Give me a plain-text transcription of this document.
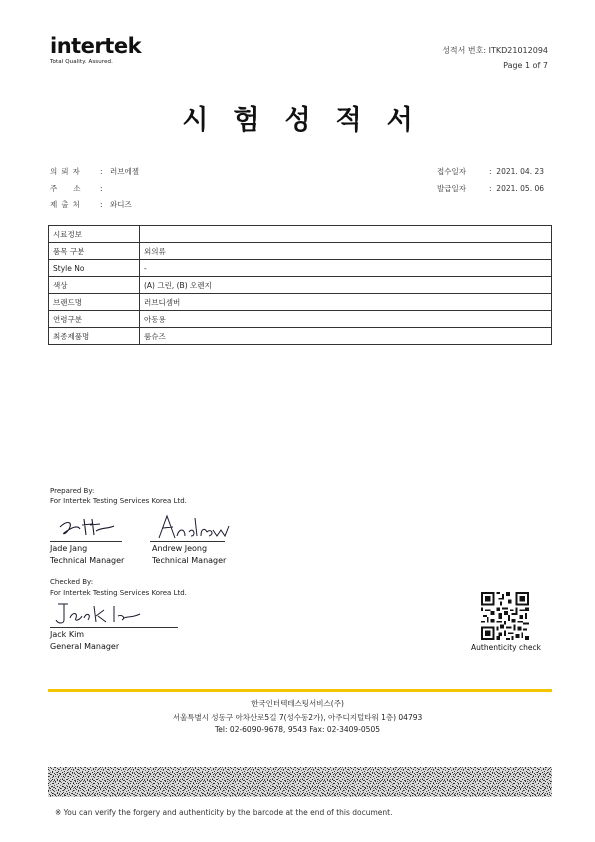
intertek
Total Quality. Assured.
성적서 번호: ITKD21012094
Page 1 of 7
시험성적서
의뢰자 : 러브에젤
주소 :
제출처 : 와디즈
접수일자	:  2021. 04. 23
발급일자	:  2021. 05. 06
시료정보	
품목 구분	외의류
Style No	-
색상	(A) 그린, (B) 오렌지
브랜드명	러브디셈버
연령구분	아동용
최종제품명	룸슈즈
Prepared By:
For Intertek Testing Services Korea Ltd.
Jade Jang
Technical Manager
Andrew Jeong
Technical Manager
Checked By:
For Intertek Testing Services Korea Ltd.
Jack Kim
General Manager	Authenticity check
한국인터텍테스팅서비스(주)
서울특별시 성동구 아차산로5길 7(성수동2가), 아주디지털타워 1층) 04793
Tel: 02-6090-9678, 9543 Fax: 02-3409-0505
※ You can verify the forgery and authenticity by the barcode at the end of this document.
